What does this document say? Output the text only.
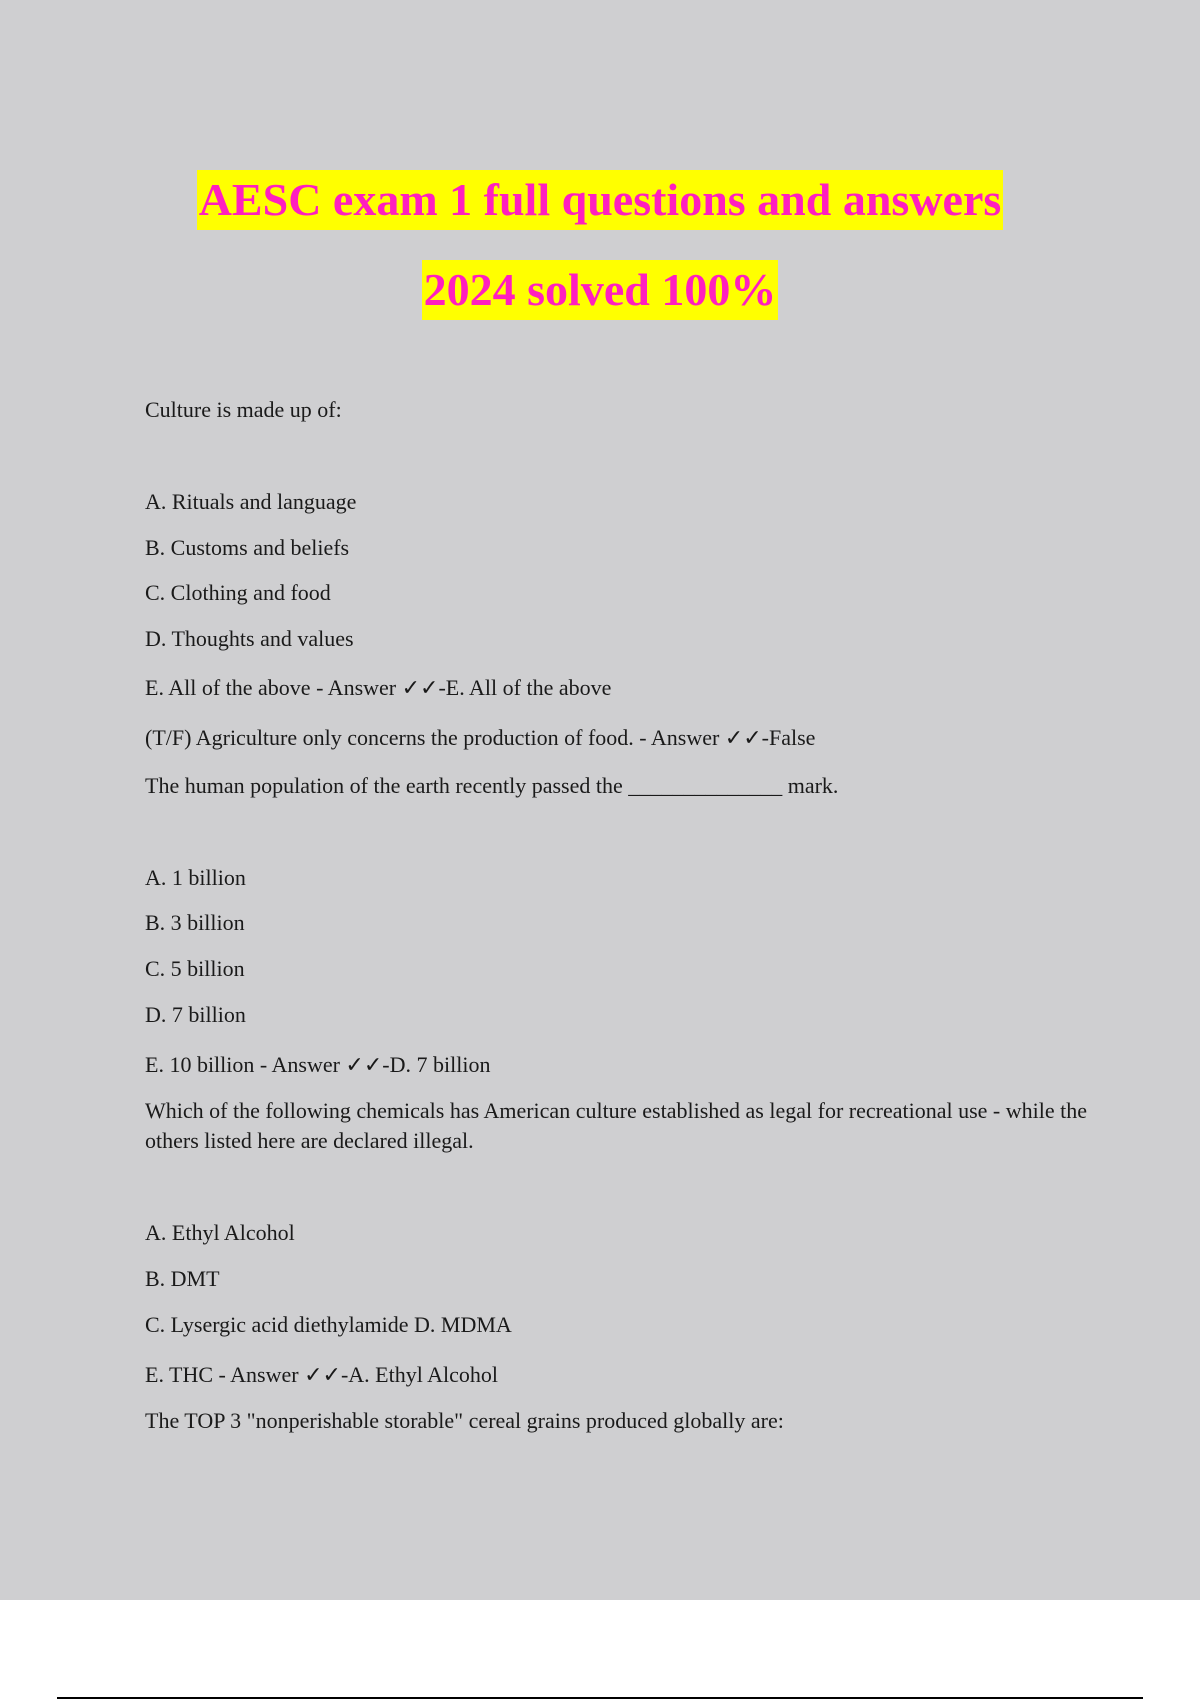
AESC exam 1 full questions and answers
2024 solved 100%
Culture is made up of:
A. Rituals and language
B. Customs and beliefs
C. Clothing and food
D. Thoughts and values
E. All of the above - Answer ✓✓-E. All of the above
(T/F) Agriculture only concerns the production of food. - Answer ✓✓-False
The human population of the earth recently passed the ______________ mark.
A. 1 billion
B. 3 billion
C. 5 billion
D. 7 billion
E. 10 billion - Answer ✓✓-D. 7 billion
Which of the following chemicals has American culture established as legal for recreational use - while the others listed here are declared illegal.
A. Ethyl Alcohol
B. DMT
C. Lysergic acid diethylamide D. MDMA
E. THC - Answer ✓✓-A. Ethyl Alcohol
The TOP 3 "nonperishable storable" cereal grains produced globally are:
